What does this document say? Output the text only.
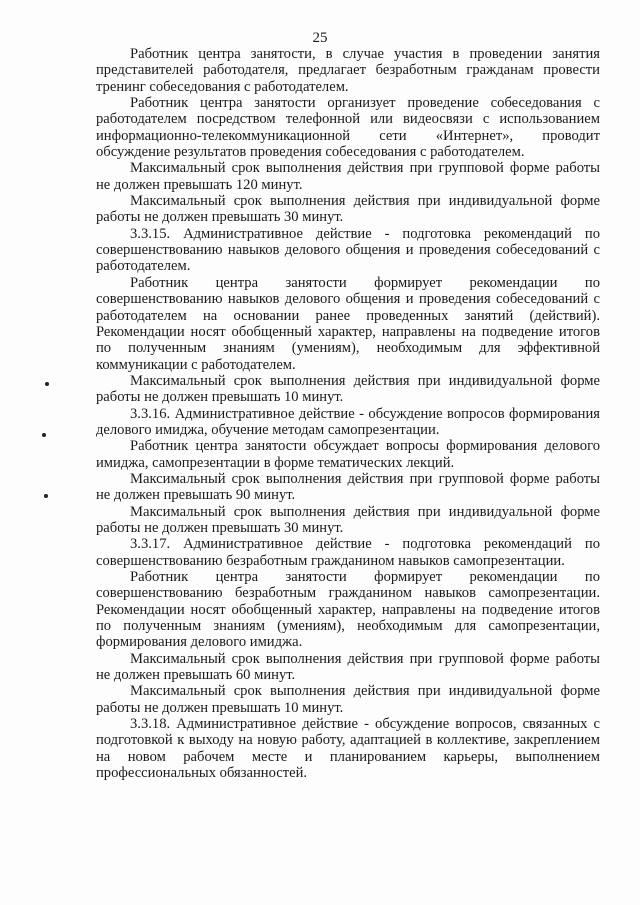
25

Работник центра занятости, в случае участия в проведении занятия представителей работодателя, предлагает безработным гражданам провести тренинг собеседования с работодателем.

Работник центра занятости организует проведение собеседования с работодателем посредством телефонной или видеосвязи с использованием информационно-телекоммуникационной сети «Интернет», проводит обсуждение результатов проведения собеседования с работодателем.

Максимальный срок выполнения действия при групповой форме работы не должен превышать 120 минут.

Максимальный срок выполнения действия при индивидуальной форме работы не должен превышать 30 минут.

3.3.15. Административное действие - подготовка рекомендаций по совершенствованию навыков делового общения и проведения собеседований с работодателем.

Работник центра занятости формирует рекомендации по совершенствованию навыков делового общения и проведения собеседований с работодателем на основании ранее проведенных занятий (действий). Рекомендации носят обобщенный характер, направлены на подведение итогов по полученным знаниям (умениям), необходимым для эффективной коммуникации с работодателем.

Максимальный срок выполнения действия при индивидуальной форме работы не должен превышать 10 минут.

3.3.16. Административное действие - обсуждение вопросов формирования делового имиджа, обучение методам самопрезентации.

Работник центра занятости обсуждает вопросы формирования делового имиджа, самопрезентации в форме тематических лекций.

Максимальный срок выполнения действия при групповой форме работы не должен превышать 90 минут.

Максимальный срок выполнения действия при индивидуальной форме работы не должен превышать 30 минут.

3.3.17. Административное действие - подготовка рекомендаций по совершенствованию безработным гражданином навыков самопрезентации.

Работник центра занятости формирует рекомендации по совершенствованию безработным гражданином навыков самопрезентации. Рекомендации носят обобщенный характер, направлены на подведение итогов по полученным знаниям (умениям), необходимым для самопрезентации, формирования делового имиджа.

Максимальный срок выполнения действия при групповой форме работы не должен превышать 60 минут.

Максимальный срок выполнения действия при индивидуальной форме работы не должен превышать 10 минут.

3.3.18. Административное действие - обсуждение вопросов, связанных с подготовкой к выходу на новую работу, адаптацией в коллективе, закреплением на новом рабочем месте и планированием карьеры, выполнением профессиональных обязанностей.
